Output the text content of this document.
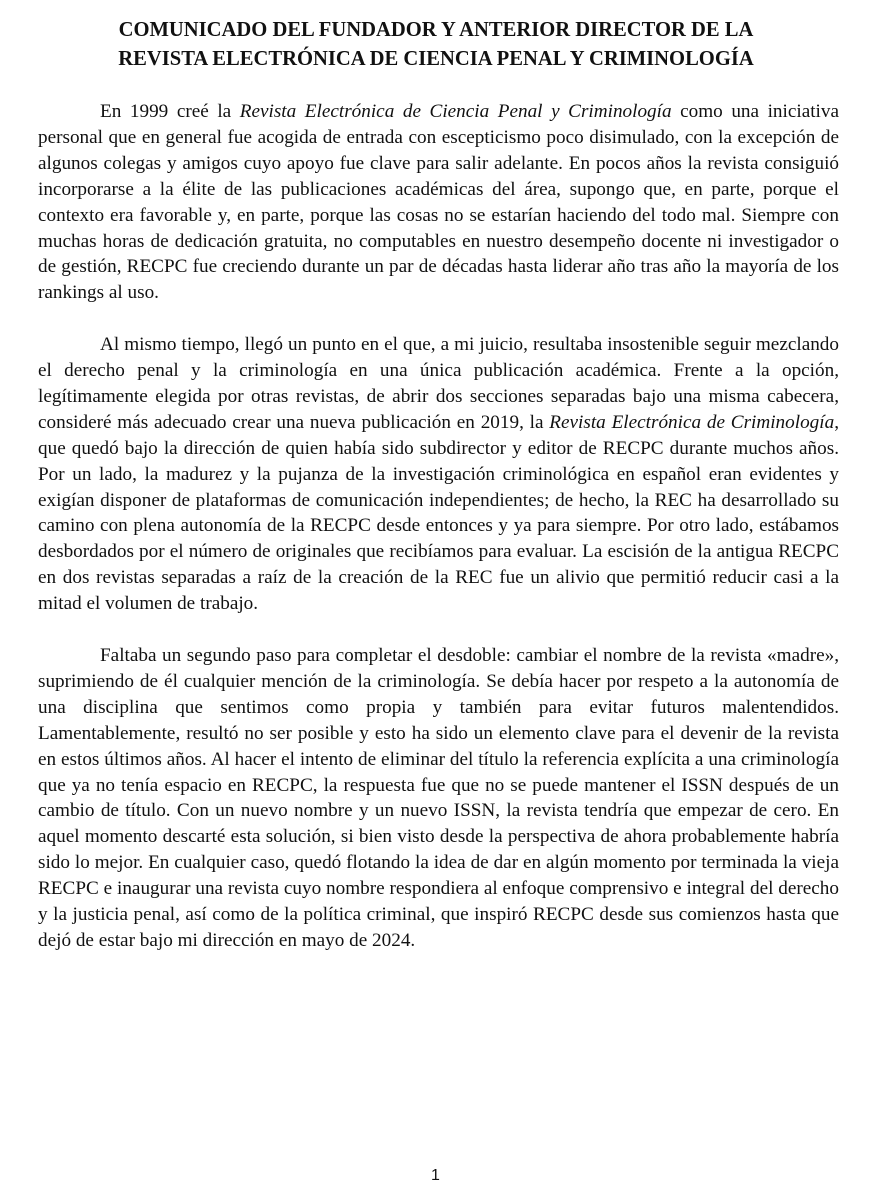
COMUNICADO DEL FUNDADOR Y ANTERIOR DIRECTOR DE LA
REVISTA ELECTRÓNICA DE CIENCIA PENAL Y CRIMINOLOGÍA

En 1999 creé la Revista Electrónica de Ciencia Penal y Criminología como una iniciativa personal que en general fue acogida de entrada con escepticismo poco disimulado, con la excepción de algunos colegas y amigos cuyo apoyo fue clave para salir adelante. En pocos años la revista consiguió incorporarse a la élite de las publicaciones académicas del área, supongo que, en parte, porque el contexto era favorable y, en parte, porque las cosas no se estarían haciendo del todo mal. Siempre con muchas horas de dedicación gratuita, no computables en nuestro desempeño docente ni investigador o de gestión, RECPC fue creciendo durante un par de décadas hasta liderar año tras año la mayoría de los rankings al uso.

Al mismo tiempo, llegó un punto en el que, a mi juicio, resultaba insostenible seguir mezclando el derecho penal y la criminología en una única publicación académica. Frente a la opción, legítimamente elegida por otras revistas, de abrir dos secciones separadas bajo una misma cabecera, consideré más adecuado crear una nueva publicación en 2019, la Revista Electrónica de Criminología, que quedó bajo la dirección de quien había sido subdirector y editor de RECPC durante muchos años. Por un lado, la madurez y la pujanza de la investigación criminológica en español eran evidentes y exigían disponer de plataformas de comunicación independientes; de hecho, la REC ha desarrollado su camino con plena autonomía de la RECPC desde entonces y ya para siempre. Por otro lado, estábamos desbordados por el número de originales que recibíamos para evaluar. La escisión de la antigua RECPC en dos revistas separadas a raíz de la creación de la REC fue un alivio que permitió reducir casi a la mitad el volumen de trabajo.

Faltaba un segundo paso para completar el desdoble: cambiar el nombre de la revista «madre», suprimiendo de él cualquier mención de la criminología. Se debía hacer por respeto a la autonomía de una disciplina que sentimos como propia y también para evitar futuros malentendidos. Lamentablemente, resultó no ser posible y esto ha sido un elemento clave para el devenir de la revista en estos últimos años. Al hacer el intento de eliminar del título la referencia explícita a una criminología que ya no tenía espacio en RECPC, la respuesta fue que no se puede mantener el ISSN después de un cambio de título. Con un nuevo nombre y un nuevo ISSN, la revista tendría que empezar de cero. En aquel momento descarté esta solución, si bien visto desde la perspectiva de ahora probablemente habría sido lo mejor. En cualquier caso, quedó flotando la idea de dar en algún momento por terminada la vieja RECPC e inaugurar una revista cuyo nombre respondiera al enfoque comprensivo e integral del derecho y la justicia penal, así como de la política criminal, que inspiró RECPC desde sus comienzos hasta que dejó de estar bajo mi dirección en mayo de 2024.

1
